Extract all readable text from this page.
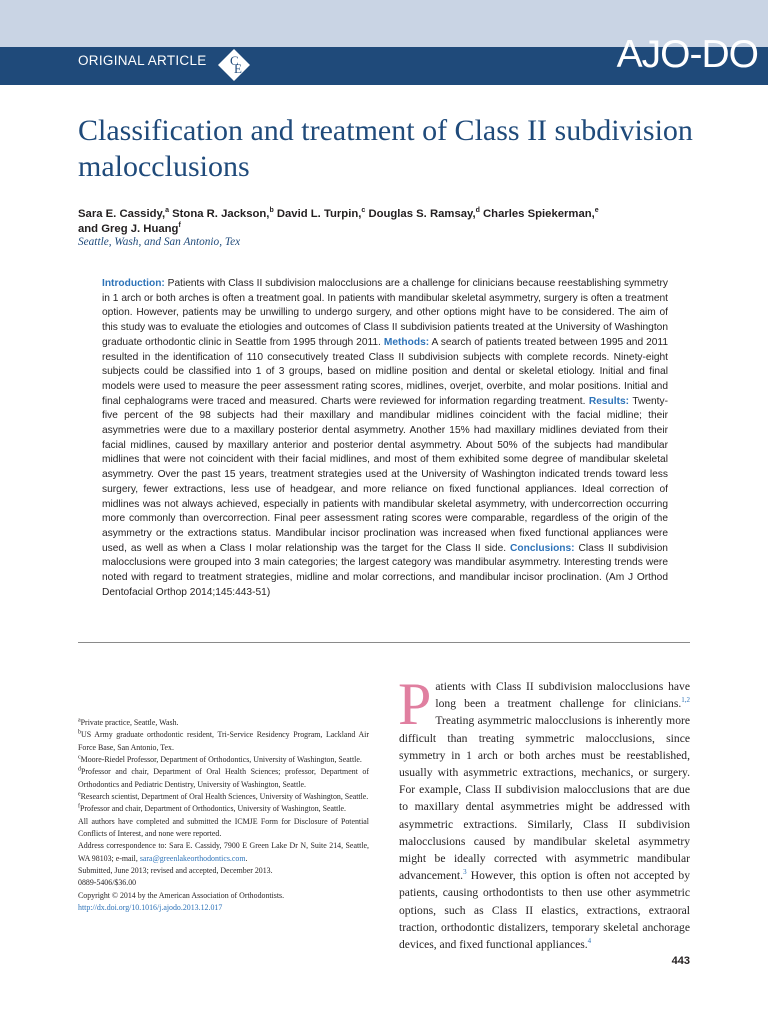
ORIGINAL ARTICLE C
E	AJO-DO
Classification and treatment of Class II subdivision malocclusions
Sara E. Cassidy,$^a$ Stona R. Jackson,$^b$ David L. Turpin,$^c$ Douglas S. Ramsay,$^d$ Charles Spiekerman,$^e$
and Greg J. Huang$^f$
Seattle, Wash, and San Antonio, Tex
Introduction: Patients with Class II subdivision malocclusions are a challenge for clinicians because reestablishing symmetry in 1 arch or both arches is often a treatment goal. In patients with mandibular skeletal asymmetry, surgery is often a treatment option. However, patients may be unwilling to undergo surgery, and other options might have to be considered. The aim of this study was to evaluate the etiologies and outcomes of Class II subdivision patients treated at the University of Washington graduate orthodontic clinic in Seattle from 1995 through 2011. Methods: A search of patients treated between 1995 and 2011 resulted in the identification of 110 consecutively treated Class II subdivision subjects with complete records. Ninety-eight subjects could be classified into 1 of 3 groups, based on midline position and dental or skeletal etiology. Initial and final models were used to measure the peer assessment rating scores, midlines, overjet, overbite, and molar positions. Initial and final cephalograms were traced and measured. Charts were reviewed for information regarding treatment. Results: Twenty-five percent of the 98 subjects had their maxillary and mandibular midlines coincident with the facial midline; their asymmetries were due to a maxillary posterior dental asymmetry. Another 15% had maxillary midlines deviated from their facial midlines, caused by maxillary anterior and posterior dental asymmetry. About 50% of the subjects had mandibular midlines that were not coincident with their facial midlines, and most of them exhibited some degree of mandibular skeletal asymmetry. Over the past 15 years, treatment strategies used at the University of Washington indicated trends toward less surgery, fewer extractions, less use of headgear, and more reliance on fixed functional appliances. Ideal correction of midlines was not always achieved, especially in patients with mandibular skeletal asymmetry, with undercorrection occurring more commonly than overcorrection. Final peer assessment rating scores were comparable, regardless of the origin of the asymmetry or the extractions status. Mandibular incisor proclination was increased when fixed functional appliances were used, as well as when a Class I molar relationship was the target for the Class II side. Conclusions: Class II subdivision malocclusions were grouped into 3 main categories; the largest category was mandibular asymmetry. Interesting trends were noted with regard to treatment strategies, midline and molar corrections, and mandibular incisor proclination. (Am J Orthod Dentofacial Orthop 2014;145:443-51)

$^a$Private practice, Seattle, Wash.

$^b$US Army graduate orthodontic resident, Tri-Service Residency Program, Lackland Air Force Base, San Antonio, Tex.

$^c$Moore-Riedel Professor, Department of Orthodontics, University of Washington, Seattle.

$^d$Professor and chair, Department of Oral Health Sciences; professor, Department of Orthodontics and Pediatric Dentistry, University of Washington, Seattle.

$^e$Research scientist, Department of Oral Health Sciences, University of Washington, Seattle.

$^f$Professor and chair, Department of Orthodontics, University of Washington, Seattle.

All authors have completed and submitted the ICMJE Form for Disclosure of Potential Conflicts of Interest, and none were reported.

Address correspondence to: Sara E. Cassidy, 7900 E Green Lake Dr N, Suite 214, Seattle, WA 98103; e-mail, sara@greenlakeorthodontics.com.

Submitted, June 2013; revised and accepted, December 2013.

0889-5406/$36.00

Copyright © 2014 by the American Association of Orthodontists.

http://dx.doi.org/10.1016/j.ajodo.2013.12.017

Patients with Class II subdivision malocclusions have long been a treatment challenge for clinicians.$^{1,2}$ Treating asymmetric malocclusions is inherently more difficult than treating symmetric malocclusions, since symmetry in 1 arch or both arches must be reestablished, usually with asymmetric extractions, mechanics, or surgery. For example, Class II subdivision malocclusions that are due to maxillary dental asymmetries might be addressed with asymmetric extractions. Similarly, Class II subdivision malocclusions caused by mandibular skeletal asymmetry might be ideally corrected with asymmetric mandibular advancement.$^3$ However, this option is often not accepted by patients, causing orthodontists to then use other asymmetric options, such as Class II elastics, extractions, extraoral traction, orthodontic distalizers, temporary skeletal anchorage devices, and fixed functional appliances.$^4$
443
